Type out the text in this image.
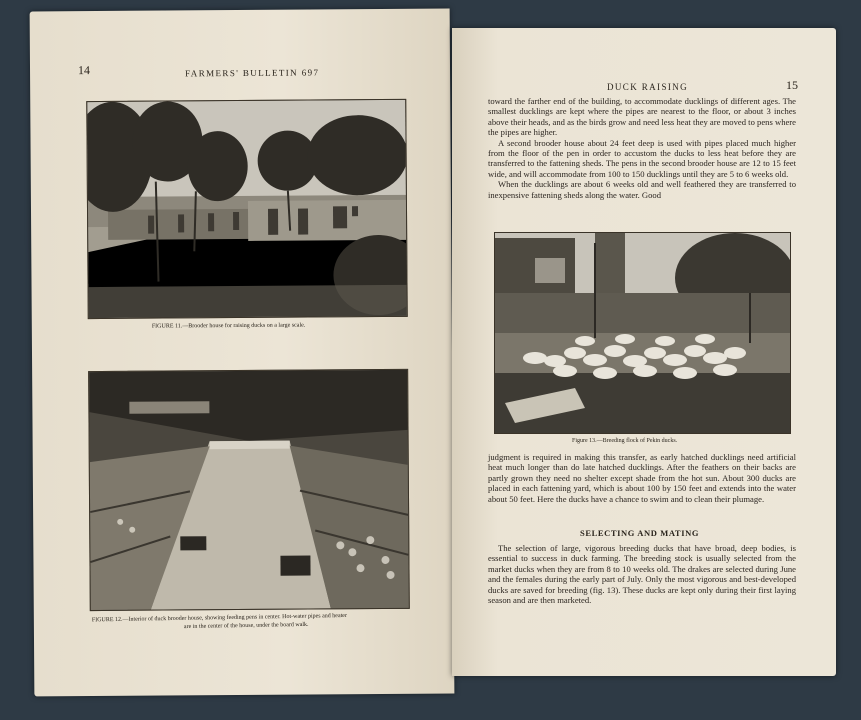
14	FARMERS' BULLETIN 697
FIGURE 11.—Brooder house for raising ducks on a large scale.
FIGURE 12.—Interior of duck brooder house, showing feeding pens in center. Hot-water pipes and heater
are in the center of the house, under the board walk.
DUCK RAISING	15

toward the farther end of the building, to accommodate ducklings of different ages. The smallest ducklings are kept where the pipes are nearest to the floor, or about 3 inches above their heads, and as the birds grow and need less heat they are moved to pens where the pipes are higher.

A second brooder house about 24 feet deep is used with pipes placed much higher from the floor of the pen in order to accustom the ducks to less heat before they are transferred to the fattening sheds. The pens in the second brooder house are 12 to 15 feet wide, and will accommodate from 100 to 150 ducklings until they are 5 to 6 weeks old.

When the ducklings are about 6 weeks old and well feathered they are transferred to inexpensive fattening sheds along the water. Good

Figure 13.—Breeding flock of Pekin ducks.

judgment is required in making this transfer, as early hatched ducklings need artificial heat much longer than do late hatched ducklings. After the feathers on their backs are partly grown they need no shelter except shade from the hot sun. About 300 ducks are placed in each fattening yard, which is about 100 by 150 feet and extends into the water about 50 feet. Here the ducks have a chance to swim and to clean their plumage.

SELECTING AND MATING

The selection of large, vigorous breeding ducks that have broad, deep bodies, is essential to success in duck farming. The breeding stock is usually selected from the market ducks when they are from 8 to 10 weeks old. The drakes are selected during June and the females during the early part of July. Only the most vigorous and best-developed ducks are saved for breeding (fig. 13). These ducks are kept only during their first laying season and are then marketed.
